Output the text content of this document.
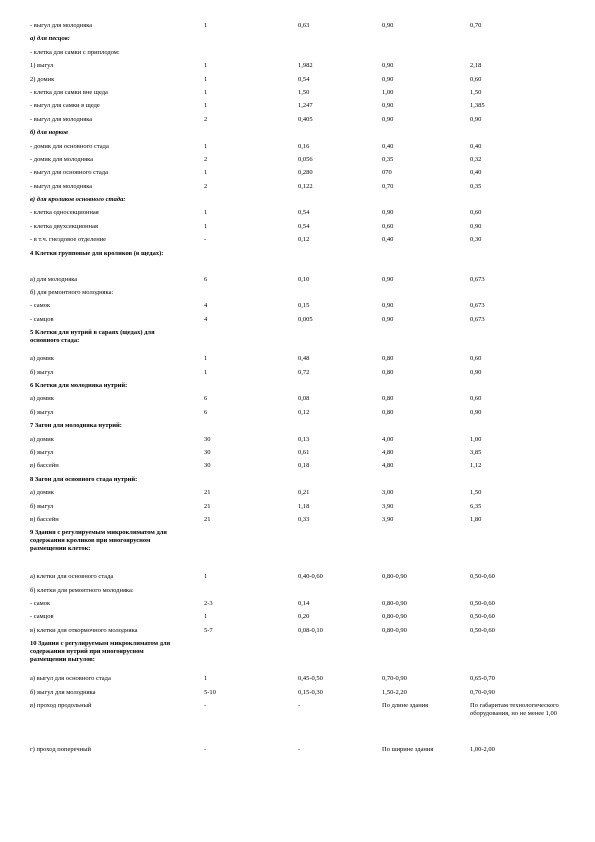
- выгул для молодняка	1	0,63	0,90	0,70
а) для песцов:
- клетка для самки с приплодом:
1) выгул	1	1,982	0,90	2,18
2) домик	1	0,54	0,90	0,60
- клетка для самки вне щеда	1	1,50	1,00	1,50
- выгул для самки в щеде	1	1,247	0,90	1,385
- выгул для молодняка	2	0,405	0,90	0,90
б) для норков
- домик для основного стада	1	0,16	0,40	0,40
- домик для молодняка	2	0,056	0,35	0,32
- выгул для основного стада	1	0,280	070	0,40
- выгул для молодняка	2	0,122	0,70	0,35
в) для кроликов основного стада:
- клетка односекционная	1	0,54	0,90	0,60
- клетка двухсекционная	1	0,54	0,60	0,90
- в т.ч. гнездовое отделение	-	0,12	0,40	0,30
4 Клетки групповые для кроликов (в щедах):
а) для молодняка	6	0,10	0,90	0,673
б) для ремонтного молодняка:
- самок	4	0,15	0,90	0,673
- самцов	4	0,005	0,90	0,673
5 Клетки для нутрий в сараях (щедах) для основного стада:
а) домик	1	0,48	0,80	0,60
б) выгул	1	0,72	0,80	0,90
6 Клетки для молодняка нутрий:
а) домик	6	0,08	0,80	0,60
б) выгул	6	0,12	0,80	0,90
7 Загон для молодняка нутрий:
а) домик	30	0,13	4,00	1,00
б) выгул	30	0,61	4,80	3,85
в) бассейн	30	0,18	4,80	1,12
8 Загон для основного стада нутрий:
а) домик	21	0,21	3,00	1,50
б) выгул	21	1,18	3,90	6,35
в) бассейн	21	0,33	3,90	1,80
9 Здания с регулируемым микроклиматом для содержания кроликов при многоярусном размещении клеток:
а) клетки для основного стада	1	0,40-0,60	0,80-0,90	0,50-0,60
б) клетки для ремонтного молодняка:
- самок	2-3	0,14	0,80-0,90	0,50-0,60
- самцов	1	0,20	0,80-0,90	0,50-0,60
в) клетки для откормочного молодняка	5-7	0,08-0,10	0,80-0,90	0,50-0,60
10 Здания с регулируемым микроклиматом для содержания нутрий при многоярусном размещении выгулов:
а) выгул для основного стада	1	0,45-0,50	0,70-0,90	0,65-0,70
б) выгул для молодняка	5-10	0,15-0,30	1,50-2,20	0,70-0,90
в) проход продольный	-	-	По длине здания	По габаритам технологического оборудования, но не менее 1,00
г) проход поперечный	-	-	По ширине здания	1,00-2,00
